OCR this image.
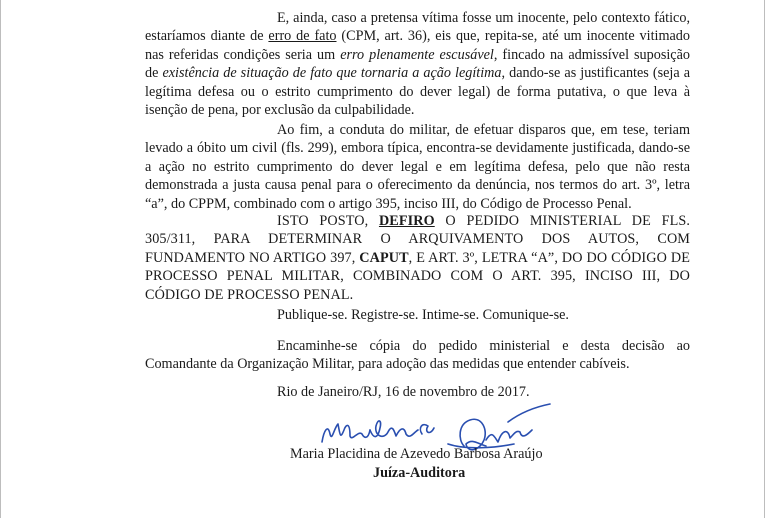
E, ainda, caso a pretensa vítima fosse um inocente, pelo contexto fático, estaríamos diante de erro de fato (CPM, art. 36), eis que, repita-se, até um inocente vitimado nas referidas condições seria um erro plenamente escusável, fincado na admissível suposição de existência de situação de fato que tornaria a ação legítima, dando-se as justificantes (seja a legítima defesa ou o estrito cumprimento do dever legal) de forma putativa, o que leva à isenção de pena, por exclusão da culpabilidade.

Ao fim, a conduta do militar, de efetuar disparos que, em tese, teriam levado a óbito um civil (fls. 299), embora típica, encontra-se devidamente justificada, dando-se a ação no estrito cumprimento do dever legal e em legítima defesa, pelo que não resta demonstrada a justa causa penal para o oferecimento da denúncia, nos termos do art. 3º, letra “a”, do CPPM, combinado com o artigo 395, inciso III, do Código de Processo Penal.

ISTO POSTO, DEFIRO O PEDIDO MINISTERIAL DE FLS. 305/311, PARA DETERMINAR O ARQUIVAMENTO DOS AUTOS, COM FUNDAMENTO NO ARTIGO 397, CAPUT, E ART. 3º, LETRA “A”, DO DO CÓDIGO DE PROCESSO PENAL MILITAR, COMBINADO COM O ART. 395, INCISO III, DO CÓDIGO DE PROCESSO PENAL.

Publique-se. Registre-se. Intime-se. Comunique-se.

Encaminhe-se cópia do pedido ministerial e desta decisão ao Comandante da Organização Militar, para adoção das medidas que entender cabíveis.

Rio de Janeiro/RJ, 16 de novembro de 2017.
Maria Placidina de Azevedo Barbosa Araújo
Juíza-Auditora
